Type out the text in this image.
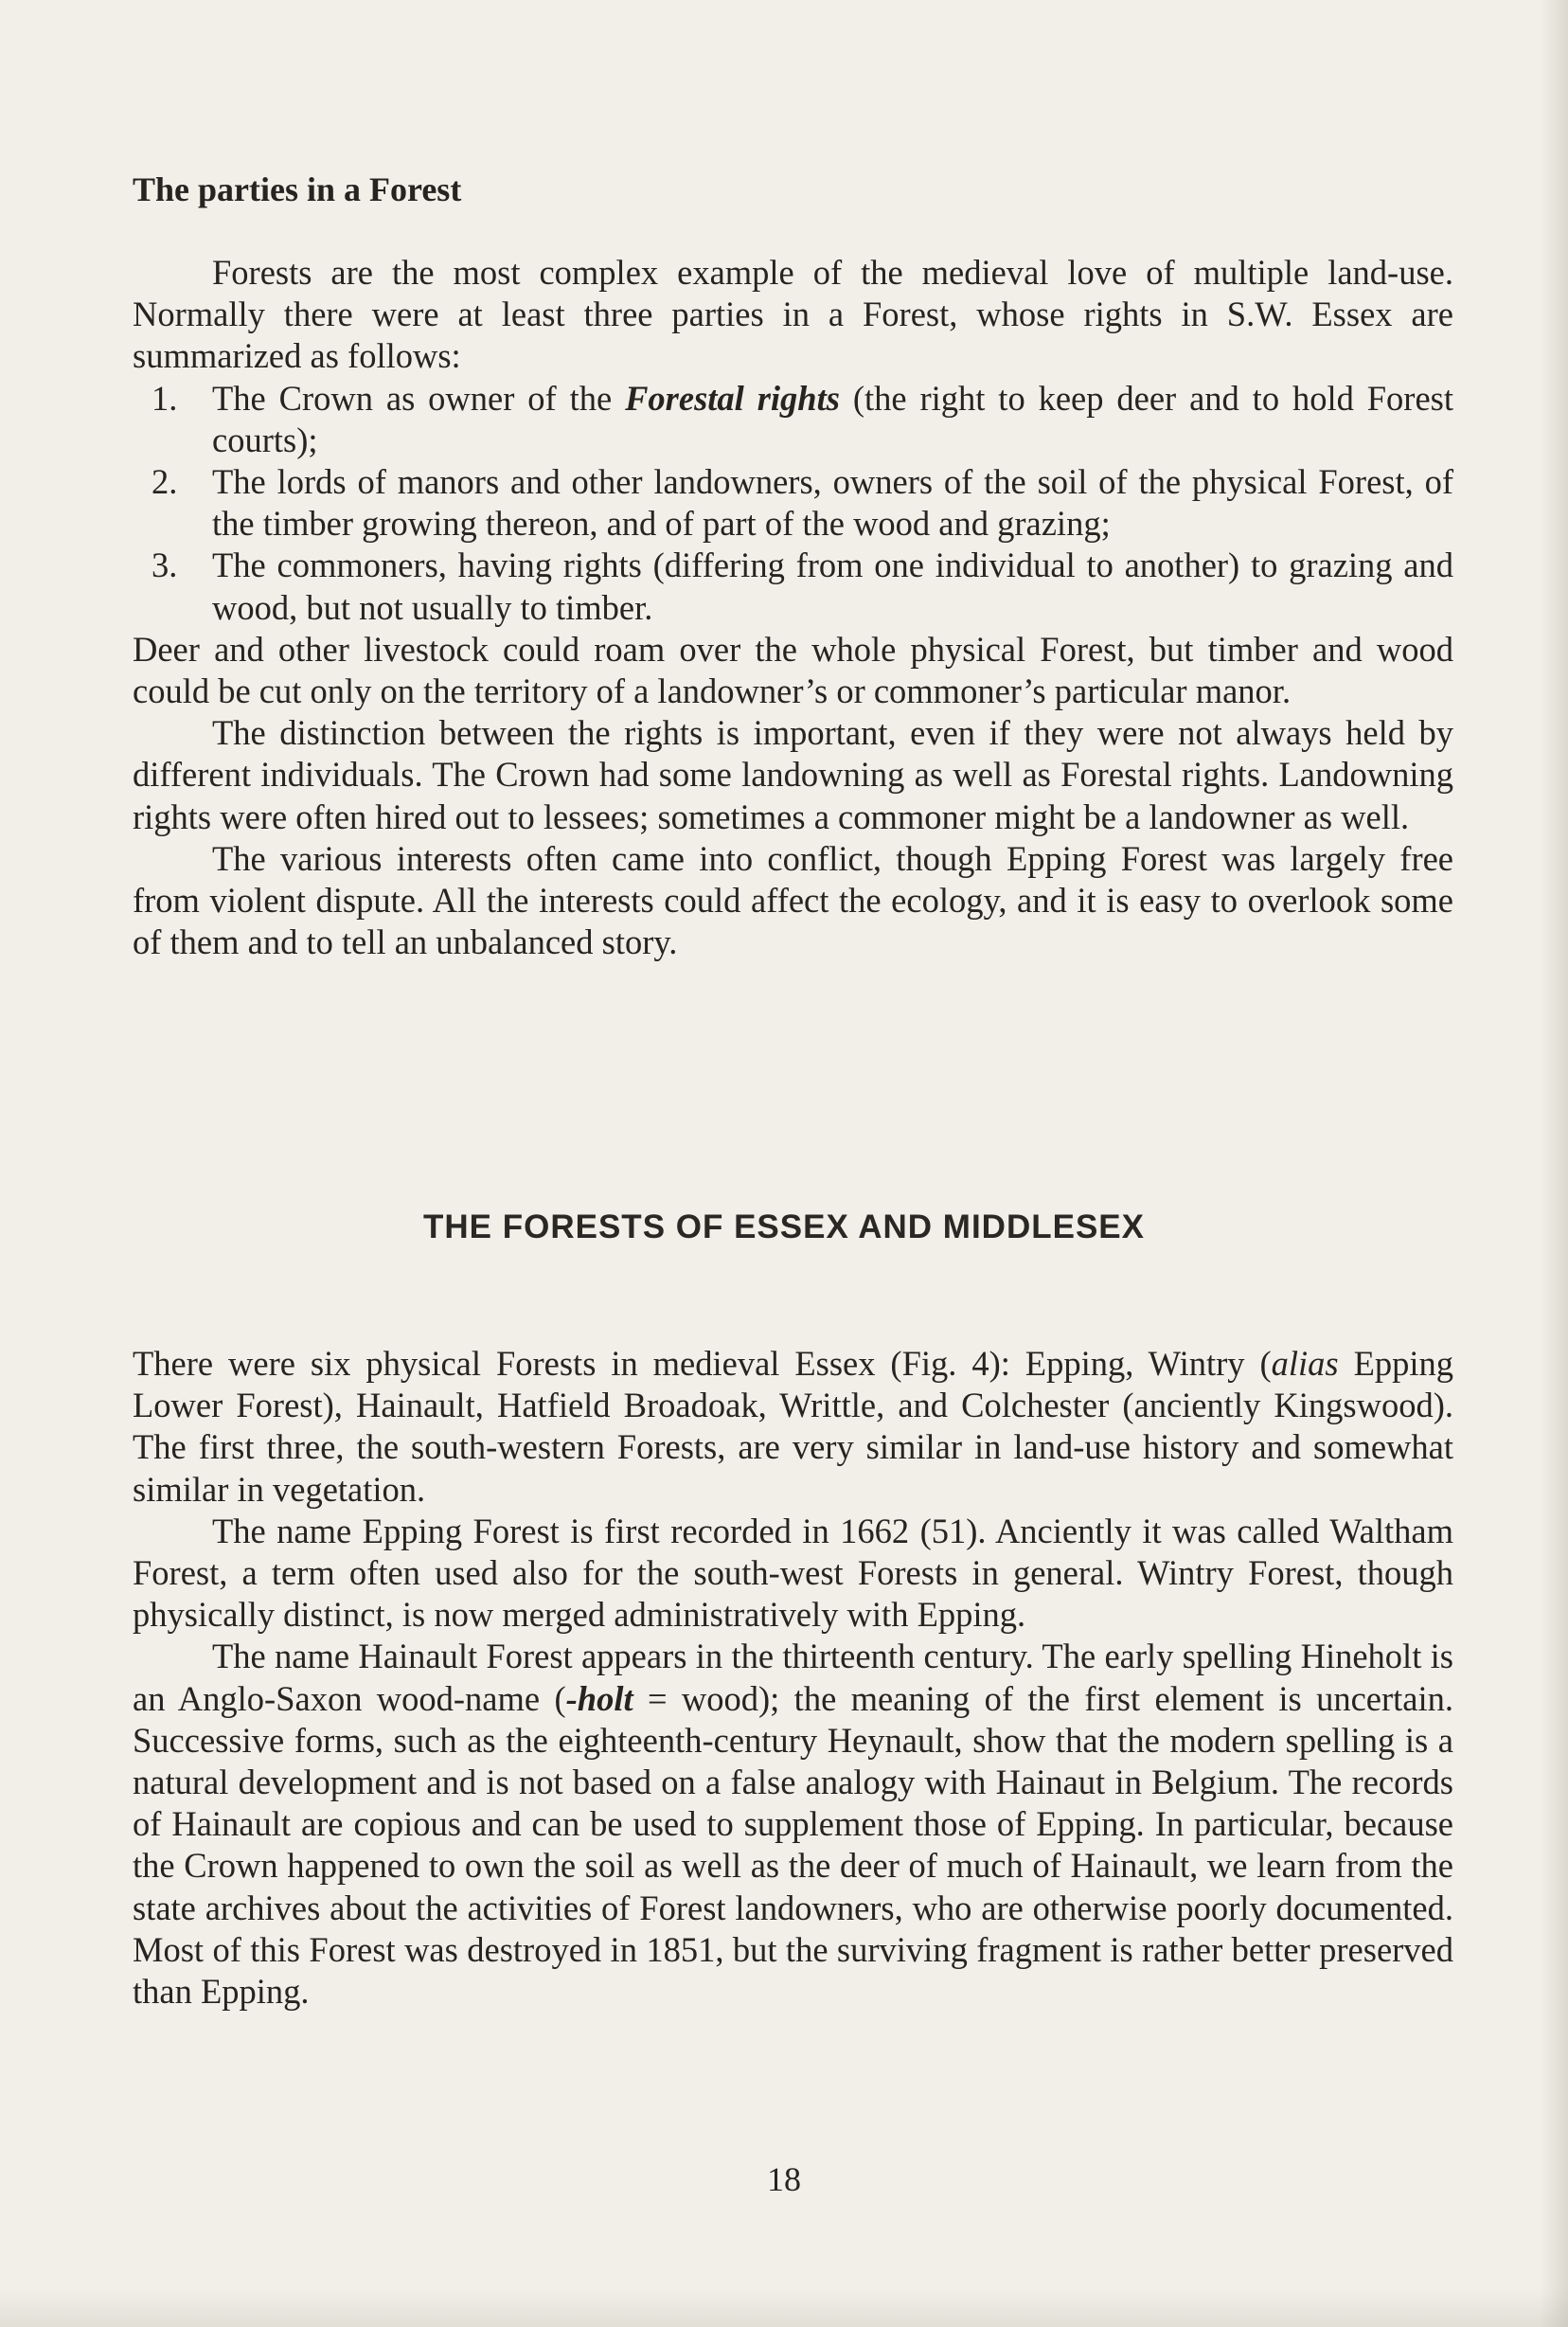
The parties in a Forest

Forests are the most complex example of the medieval love of multiple land-use. Normally there were at least three parties in a Forest, whose rights in S.W. Essex are summarized as follows:

1. The Crown as owner of the Forestal rights (the right to keep deer and to hold Forest courts);
2. The lords of manors and other landowners, owners of the soil of the physical Forest, of the timber growing thereon, and of part of the wood and grazing;
3. The commoners, having rights (differing from one individual to another) to grazing and wood, but not usually to timber.

Deer and other livestock could roam over the whole physical Forest, but timber and wood could be cut only on the territory of a landowner’s or commoner’s particular manor.

The distinction between the rights is important, even if they were not always held by different individuals. The Crown had some landowning as well as Forestal rights. Landowning rights were often hired out to lessees; sometimes a commoner might be a landowner as well.

The various interests often came into conflict, though Epping Forest was largely free from violent dispute. All the interests could affect the ecology, and it is easy to overlook some of them and to tell an unbalanced story.

THE FORESTS OF ESSEX AND MIDDLESEX

There were six physical Forests in medieval Essex (Fig. 4): Epping, Wintry (alias Epping Lower Forest), Hainault, Hatfield Broadoak, Writtle, and Colchester (anciently Kingswood). The first three, the south-western Forests, are very similar in land-use history and somewhat similar in vegetation.

The name Epping Forest is first recorded in 1662 (51). Anciently it was called Waltham Forest, a term often used also for the south-west Forests in general. Wintry Forest, though physically distinct, is now merged administratively with Epping.

The name Hainault Forest appears in the thirteenth century. The early spelling Hineholt is an Anglo-Saxon wood-name (-holt = wood); the meaning of the first element is uncertain. Successive forms, such as the eighteenth-century Heynault, show that the modern spelling is a natural development and is not based on a false analogy with Hainaut in Belgium. The records of Hainault are copious and can be used to supplement those of Epping. In particular, because the Crown happened to own the soil as well as the deer of much of Hainault, we learn from the state archives about the activities of Forest landowners, who are otherwise poorly documented. Most of this Forest was destroyed in 1851, but the surviving fragment is rather better preserved than Epping.

18
